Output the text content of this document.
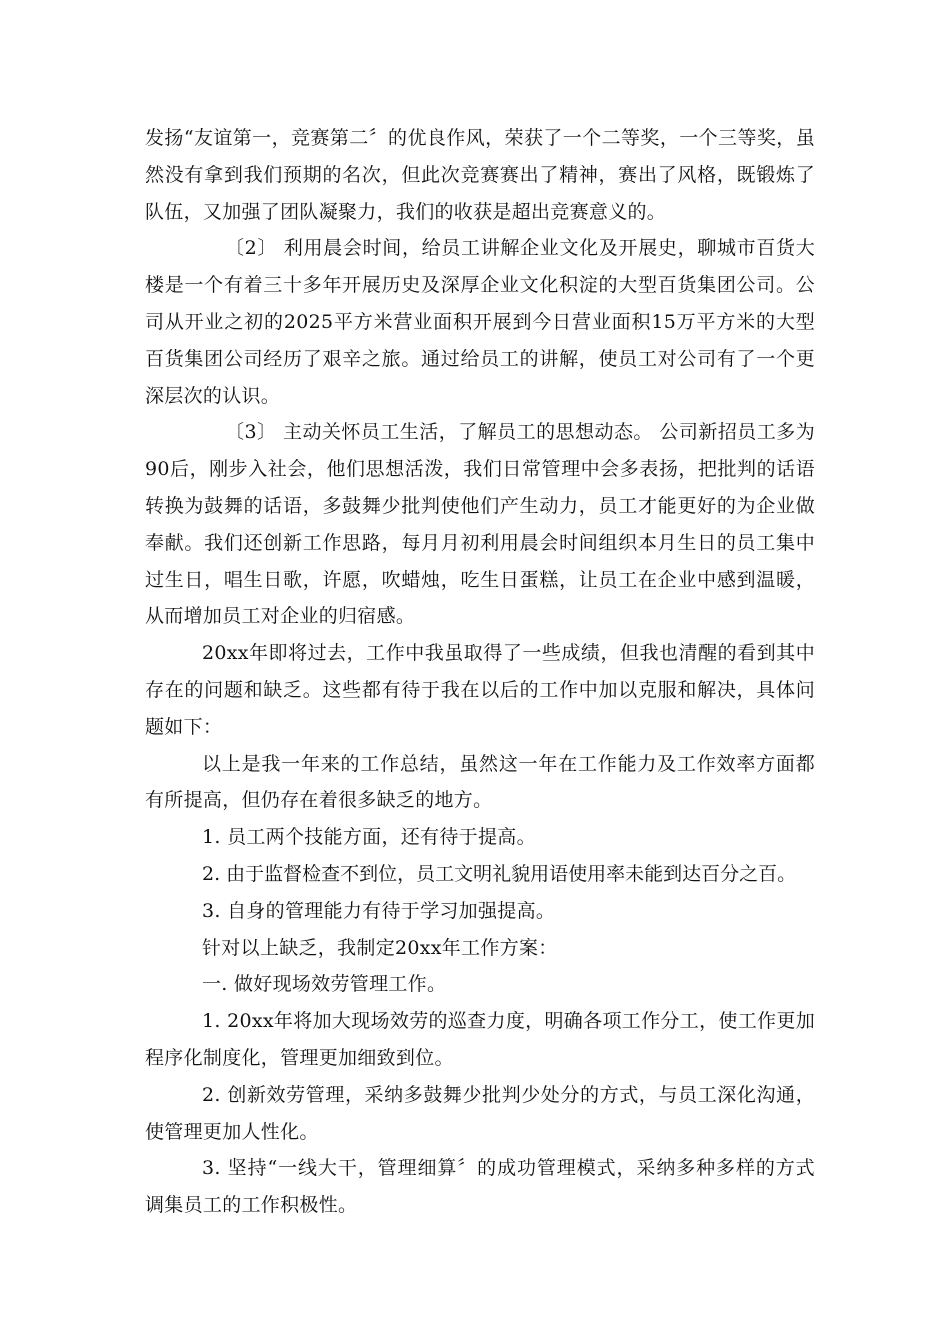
发扬“友谊第一，竞赛第二〞的优良作风，荣获了一个二等奖，一个三等奖，虽然没有拿到我们预期的名次，但此次竞赛赛出了精神，赛出了风格，既锻炼了队伍，又加强了团队凝聚力，我们的收获是超出竞赛意义的。

〔2〕 利用晨会时间，给员工讲解企业文化及开展史，聊城市百货大楼是一个有着三十多年开展历史及深厚企业文化积淀的大型百货集团公司。公司从开业之初的2025平方米营业面积开展到今日营业面积15万平方米的大型百货集团公司经历了艰辛之旅。通过给员工的讲解，使员工对公司有了一个更深层次的认识。

〔3〕 主动关怀员工生活，了解员工的思想动态。 公司新招员工多为90后，刚步入社会，他们思想活泼，我们日常管理中会多表扬，把批判的话语转换为鼓舞的话语，多鼓舞少批判使他们产生动力，员工才能更好的为企业做奉献。我们还创新工作思路，每月月初利用晨会时间组织本月生日的员工集中过生日，唱生日歌，许愿，吹蜡烛，吃生日蛋糕，让员工在企业中感到温暖，从而增加员工对企业的归宿感。

20xx年即将过去，工作中我虽取得了一些成绩，但我也清醒的看到其中存在的问题和缺乏。这些都有待于我在以后的工作中加以克服和解决，具体问题如下：

以上是我一年来的工作总结，虽然这一年在工作能力及工作效率方面都有所提高，但仍存在着很多缺乏的地方。

1. 员工两个技能方面，还有待于提高。

2. 由于监督检查不到位，员工文明礼貌用语使用率未能到达百分之百。

3. 自身的管理能力有待于学习加强提高。

针对以上缺乏，我制定20xx年工作方案：

一. 做好现场效劳管理工作。

1. 20xx年将加大现场效劳的巡查力度，明确各项工作分工，使工作更加程序化制度化，管理更加细致到位。

2. 创新效劳管理，采纳多鼓舞少批判少处分的方式，与员工深化沟通，使管理更加人性化。

3. 坚持“一线大干，管理细算〞的成功管理模式，采纳多种多样的方式调集员工的工作积极性。
